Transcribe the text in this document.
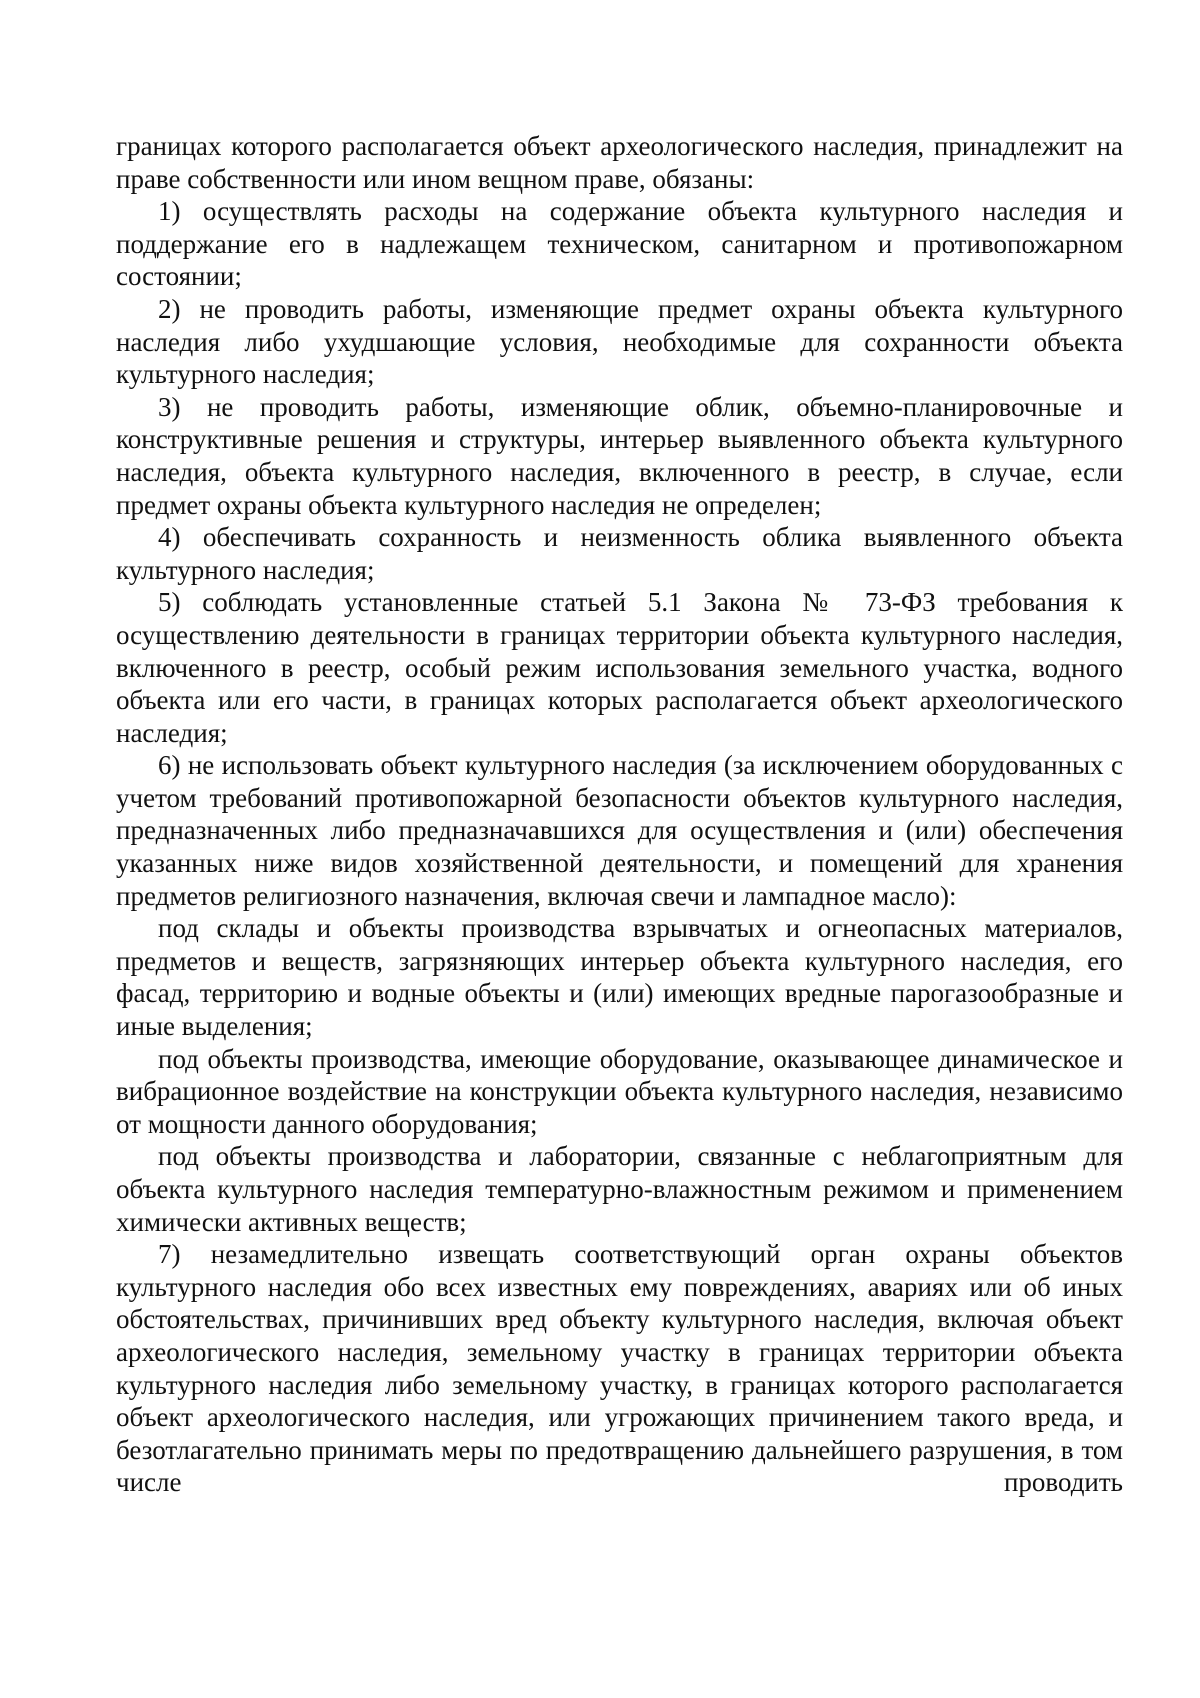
границах которого располагается объект археологического наследия, принадлежит на праве собственности или ином вещном праве, обязаны:

1) осуществлять расходы на содержание объекта культурного наследия и поддержание его в надлежащем техническом, санитарном и противопожарном состоянии;

2) не проводить работы, изменяющие предмет охраны объекта культурного наследия либо ухудшающие условия, необходимые для сохранности объекта культурного наследия;

3) не проводить работы, изменяющие облик, объемно-планировочные и конструктивные решения и структуры, интерьер выявленного объекта культурного наследия, объекта культурного наследия, включенного в реестр, в случае, если предмет охраны объекта культурного наследия не определен;

4) обеспечивать сохранность и неизменность облика выявленного объекта культурного наследия;

5) соблюдать установленные статьей 5.1 Закона № 73-ФЗ требования к осуществлению деятельности в границах территории объекта культурного наследия, включенного в реестр, особый режим использования земельного участка, водного объекта или его части, в границах которых располагается объект археологического наследия;

6) не использовать объект культурного наследия (за исключением оборудованных с учетом требований противопожарной безопасности объектов культурного наследия, предназначенных либо предназначавшихся для осуществления и (или) обеспечения указанных ниже видов хозяйственной деятельности, и помещений для хранения предметов религиозного назначения, включая свечи и лампадное масло):

под склады и объекты производства взрывчатых и огнеопасных материалов, предметов и веществ, загрязняющих интерьер объекта культурного наследия, его фасад, территорию и водные объекты и (или) имеющих вредные парогазообразные и иные выделения;

под объекты производства, имеющие оборудование, оказывающее динамическое и вибрационное воздействие на конструкции объекта культурного наследия, независимо от мощности данного оборудования;

под объекты производства и лаборатории, связанные с неблагоприятным для объекта культурного наследия температурно-влажностным режимом и применением химически активных веществ;

7) незамедлительно извещать соответствующий орган охраны объектов культурного наследия обо всех известных ему повреждениях, авариях или об иных обстоятельствах, причинивших вред объекту культурного наследия, включая объект археологического наследия, земельному участку в границах территории объекта культурного наследия либо земельному участку, в границах которого располагается объект археологического наследия, или угрожающих причинением такого вреда, и безотлагательно принимать меры по предотвращению дальнейшего разрушения, в том числе проводить
